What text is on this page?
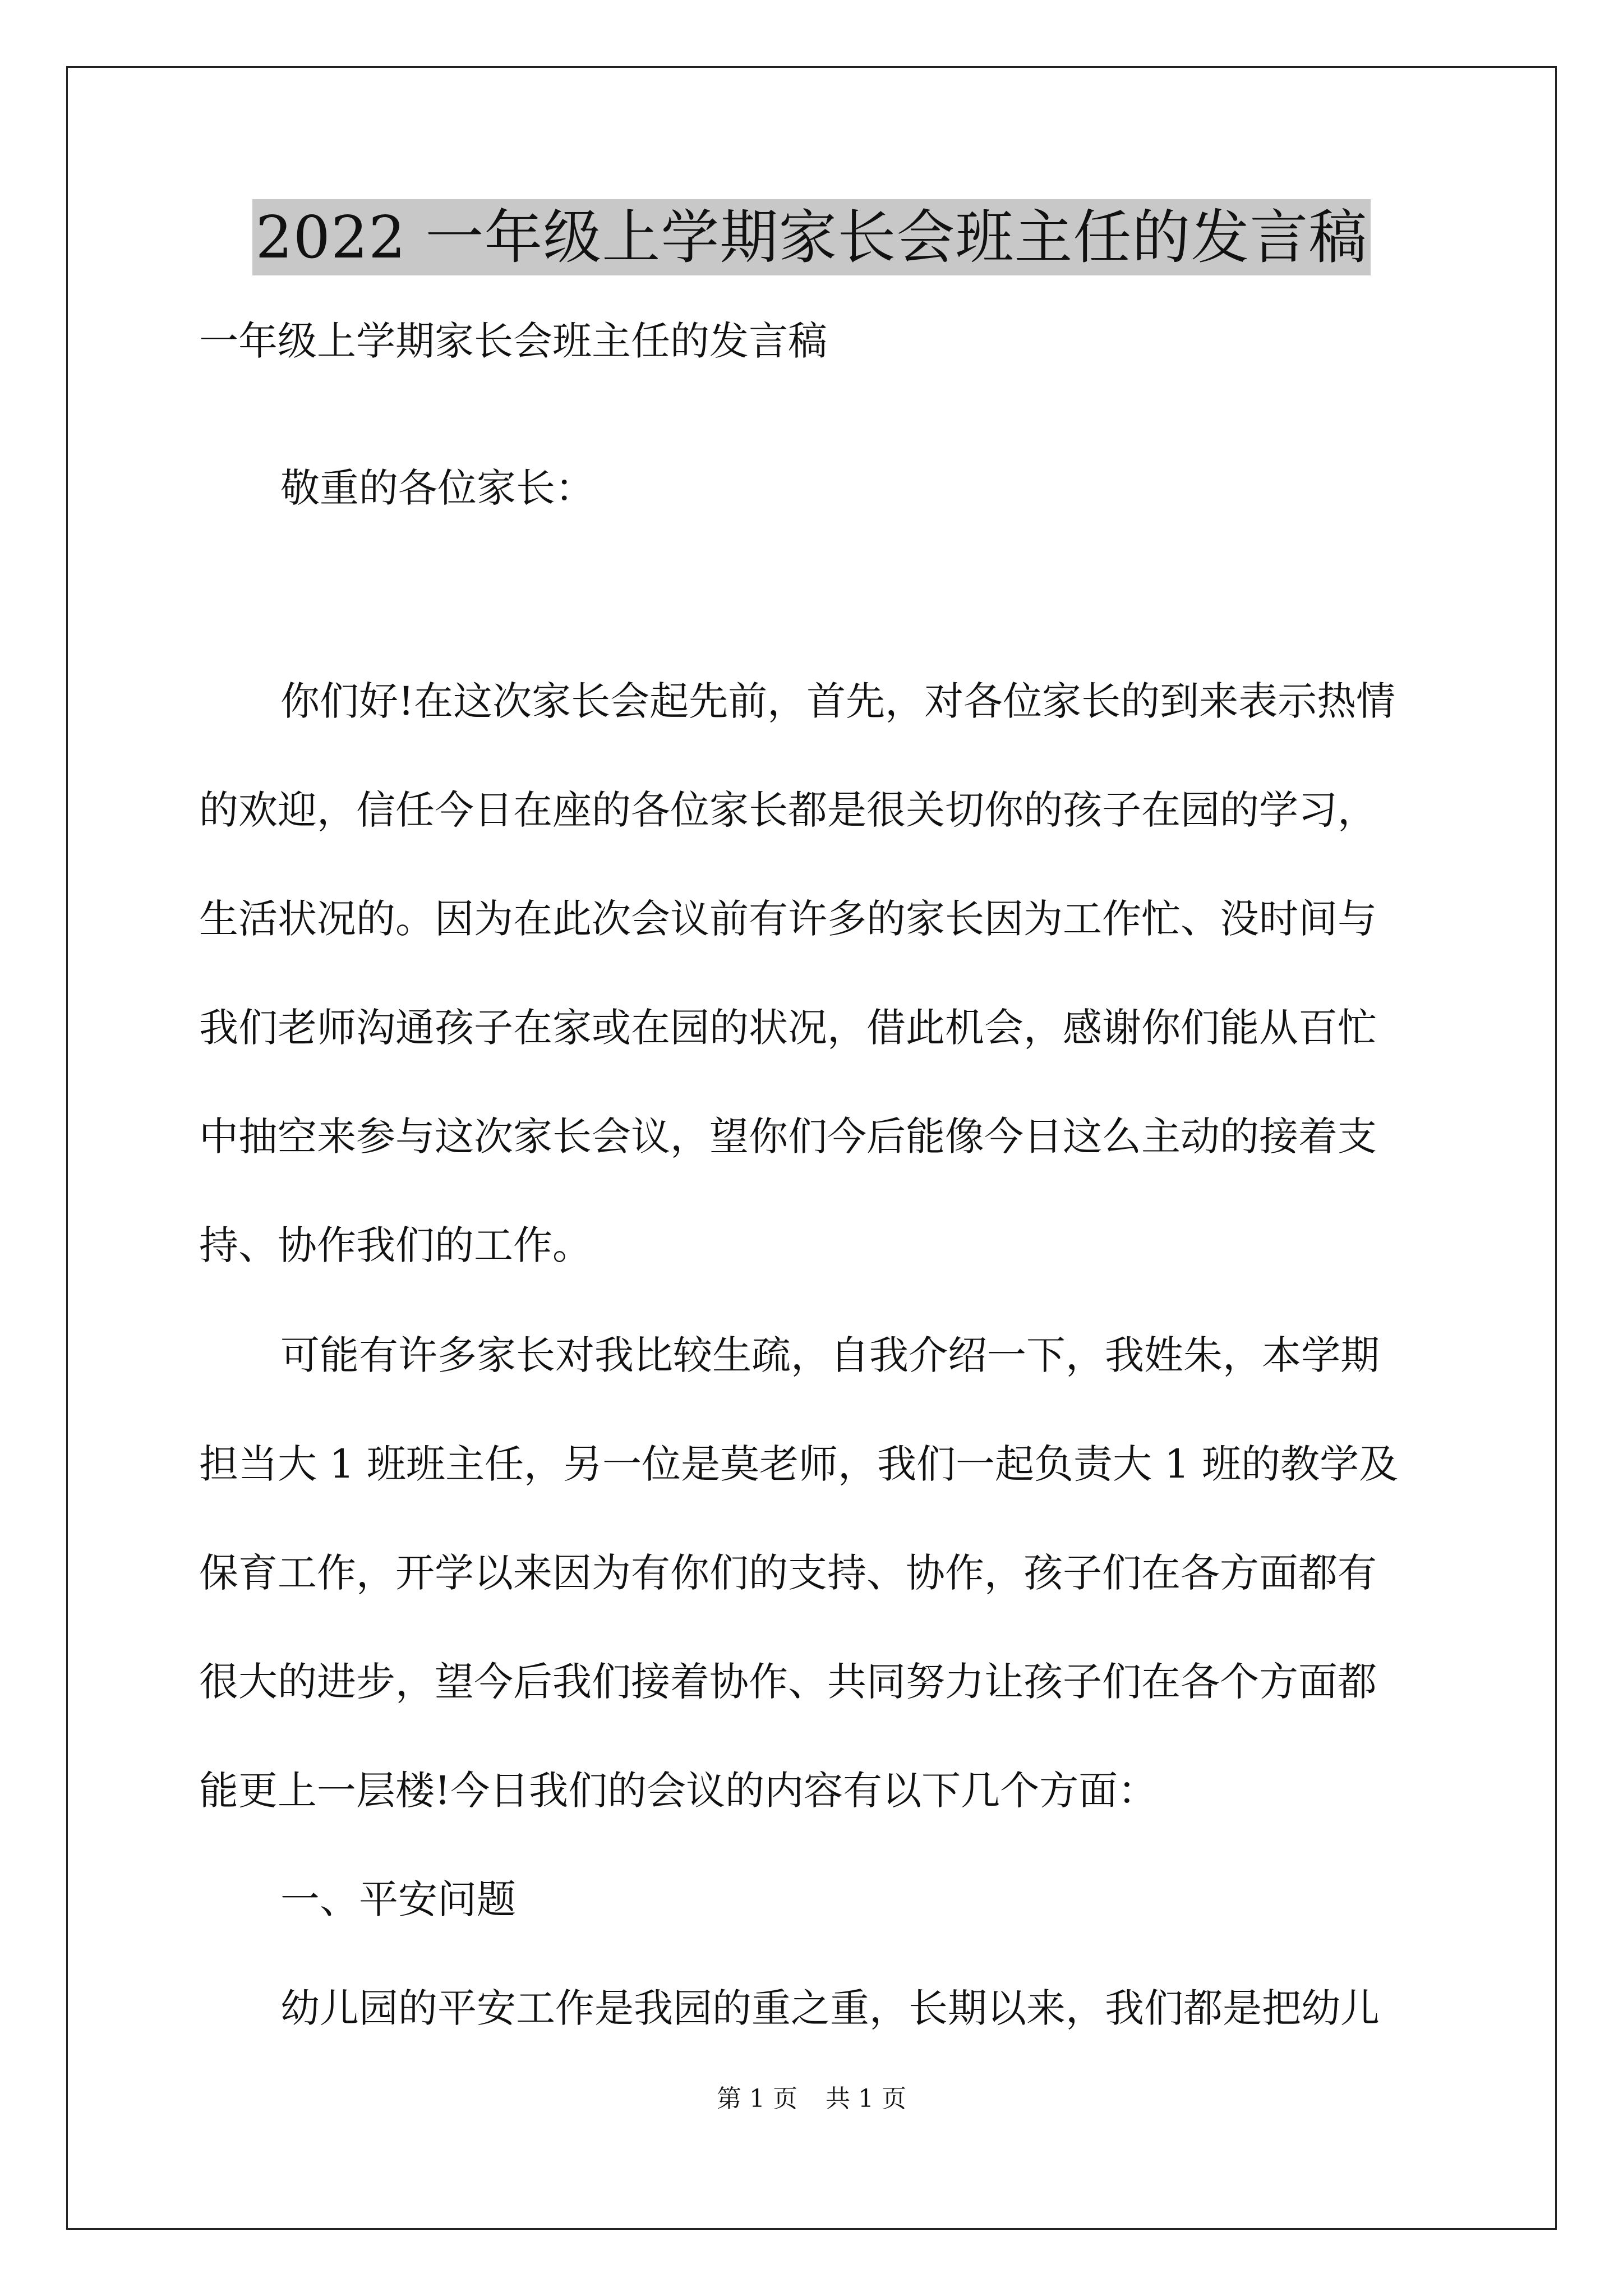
2022 一年级上学期家长会班主任的发言稿

一年级上学期家长会班主任的发言稿

敬重的各位家长：

你们好!在这次家长会起先前，首先，对各位家长的到来表示热情

的欢迎，信任今日在座的各位家长都是很关切你的孩子在园的学习，

生活状况的。因为在此次会议前有许多的家长因为工作忙、没时间与

我们老师沟通孩子在家或在园的状况，借此机会，感谢你们能从百忙

中抽空来参与这次家长会议，望你们今后能像今日这么主动的接着支

持、协作我们的工作。

可能有许多家长对我比较生疏，自我介绍一下，我姓朱，本学期

担当大 1 班班主任，另一位是莫老师，我们一起负责大 1 班的教学及

保育工作，开学以来因为有你们的支持、协作，孩子们在各方面都有

很大的进步，望今后我们接着协作、共同努力让孩子们在各个方面都

能更上一层楼!今日我们的会议的内容有以下几个方面：

一、平安问题

幼儿园的平安工作是我园的重之重，长期以来，我们都是把幼儿

第 1 页 共 1 页
